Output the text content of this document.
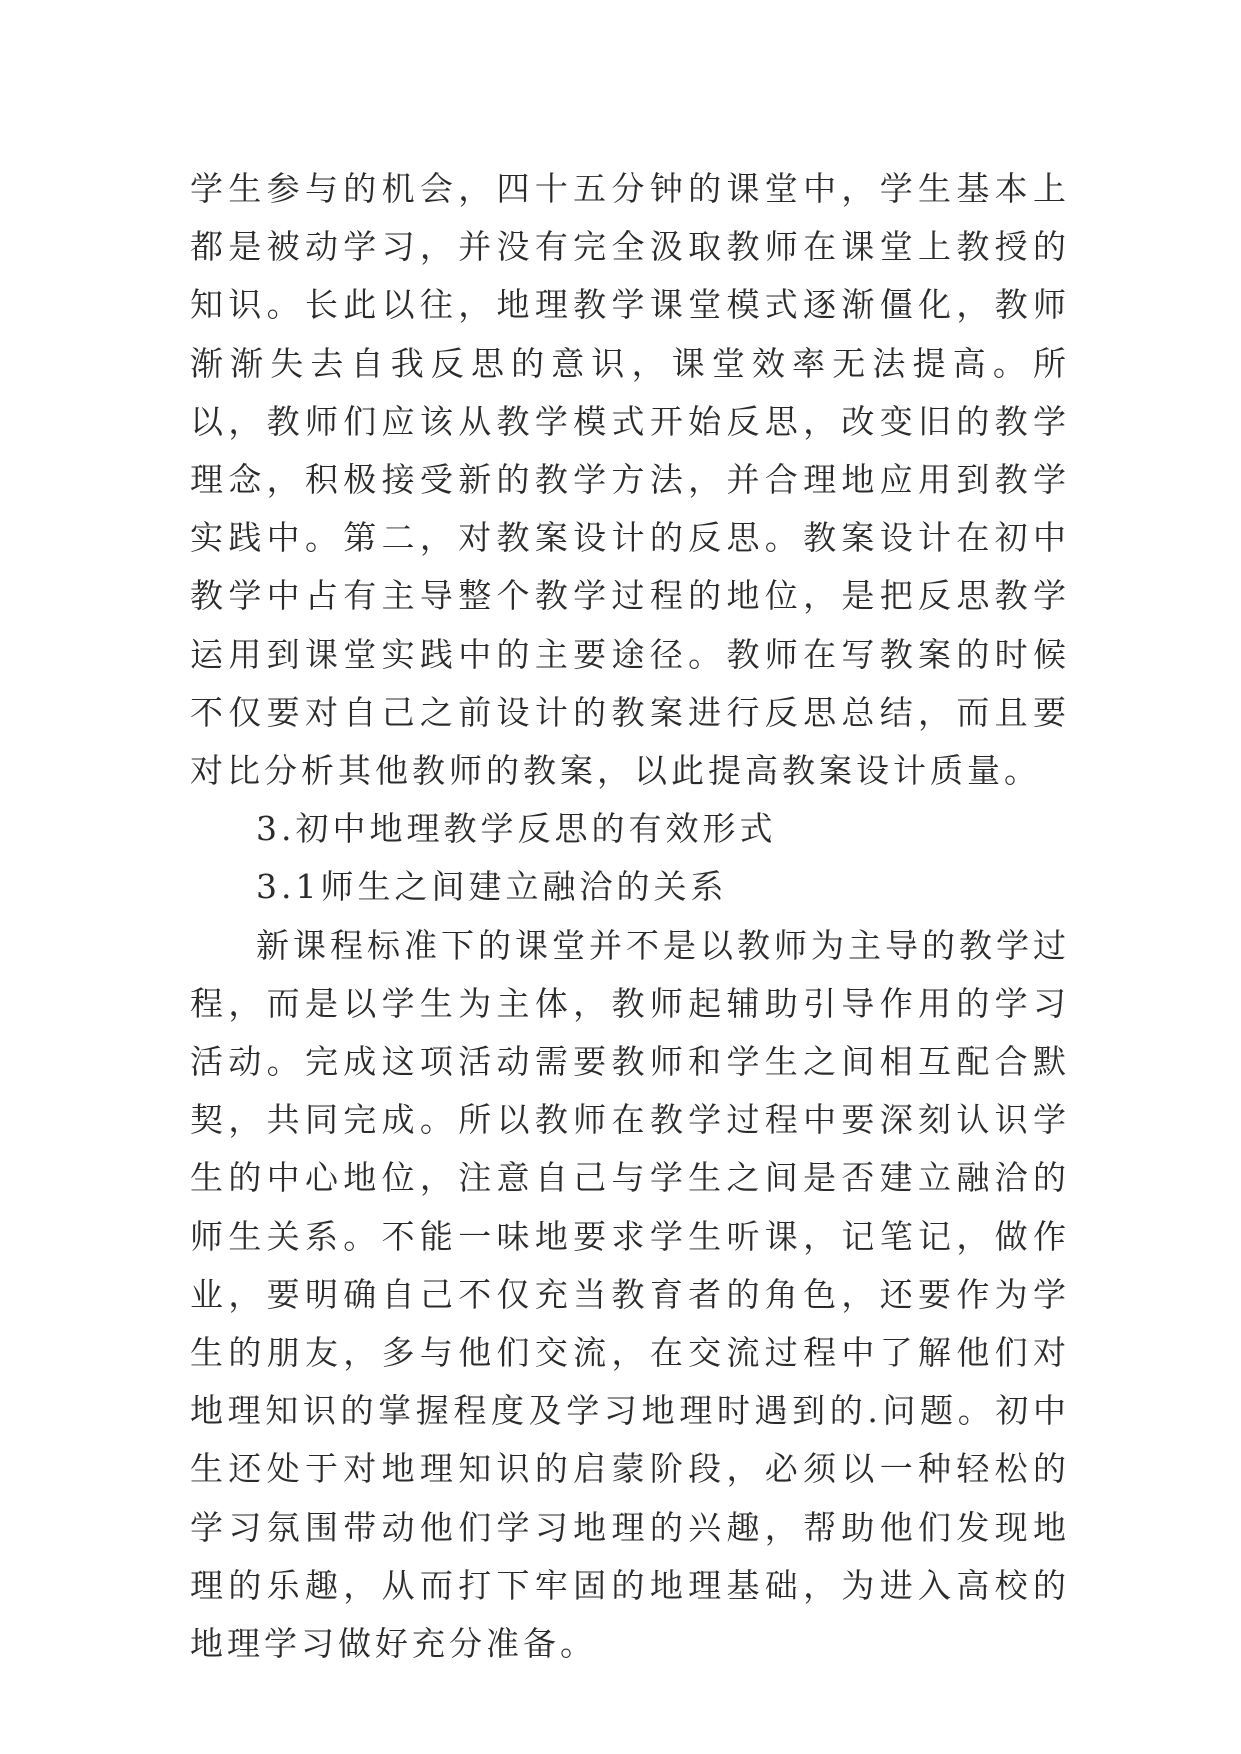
学生参与的机会，四十五分钟的课堂中，学生基本上都是被动学习，并没有完全汲取教师在课堂上教授的知识。长此以往，地理教学课堂模式逐渐僵化，教师渐渐失去自我反思的意识，课堂效率无法提高。所以，教师们应该从教学模式开始反思，改变旧的教学理念，积极接受新的教学方法，并合理地应用到教学实践中。第二，对教案设计的反思。教案设计在初中教学中占有主导整个教学过程的地位，是把反思教学运用到课堂实践中的主要途径。教师在写教案的时候不仅要对自己之前设计的教案进行反思总结，而且要对比分析其他教师的教案，以此提高教案设计质量。

3.初中地理教学反思的有效形式

3.1师生之间建立融洽的关系

新课程标准下的课堂并不是以教师为主导的教学过程，而是以学生为主体，教师起辅助引导作用的学习活动。完成这项活动需要教师和学生之间相互配合默契，共同完成。所以教师在教学过程中要深刻认识学生的中心地位，注意自己与学生之间是否建立融洽的师生关系。不能一味地要求学生听课，记笔记，做作业，要明确自己不仅充当教育者的角色，还要作为学生的朋友，多与他们交流，在交流过程中了解他们对地理知识的掌握程度及学习地理时遇到的.问题。初中生还处于对地理知识的启蒙阶段，必须以一种轻松的学习氛围带动他们学习地理的兴趣，帮助他们发现地理的乐趣，从而打下牢固的地理基础，为进入高校的地理学习做好充分准备。
